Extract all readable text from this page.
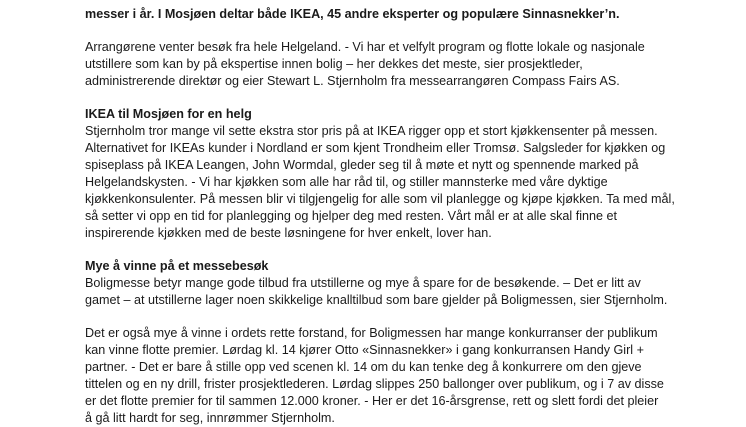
messer i år. I Mosjøen deltar både IKEA, 45 andre eksperter og populære Sinnasnekker’n.
Arrangørene venter besøk fra hele Helgeland. - Vi har et velfylt program og flotte lokale og nasjonale
utstillere som kan by på ekspertise innen bolig – her dekkes det meste, sier prosjektleder,
administrerende direktør og eier Stewart L. Stjernholm fra messearrangøren Compass Fairs AS.
IKEA til Mosjøen for en helg
Stjernholm tror mange vil sette ekstra stor pris på at IKEA rigger opp et stort kjøkkensenter på messen.
Alternativet for IKEAs kunder i Nordland er som kjent Trondheim eller Tromsø. Salgsleder for kjøkken og
spiseplass på IKEA Leangen, John Wormdal, gleder seg til å møte et nytt og spennende marked på
Helgelandskysten. - Vi har kjøkken som alle har råd til, og stiller mannsterke med våre dyktige
kjøkkenkonsulenter. På messen blir vi tilgjengelig for alle som vil planlegge og kjøpe kjøkken. Ta med mål,
så setter vi opp en tid for planlegging og hjelper deg med resten. Vårt mål er at alle skal finne et
inspirerende kjøkken med de beste løsningene for hver enkelt, lover han.
Mye å vinne på et messebesøk
Boligmesse betyr mange gode tilbud fra utstillerne og mye å spare for de besøkende. – Det er litt av
gamet – at utstillerne lager noen skikkelige knalltilbud som bare gjelder på Boligmessen, sier Stjernholm.
Det er også mye å vinne i ordets rette forstand, for Boligmessen har mange konkurranser der publikum
kan vinne flotte premier. Lørdag kl. 14 kjører Otto «Sinnasnekker» i gang konkurransen Handy Girl +
partner. - Det er bare å stille opp ved scenen kl. 14 om du kan tenke deg å konkurrere om den gjeve
tittelen og en ny drill, frister prosjektlederen. Lørdag slippes 250 ballonger over publikum, og i 7 av disse
er det flotte premier for til sammen 12.000 kroner. - Her er det 16-årsgrense, rett og slett fordi det pleier
å gå litt hardt for seg, innrømmer Stjernholm.
